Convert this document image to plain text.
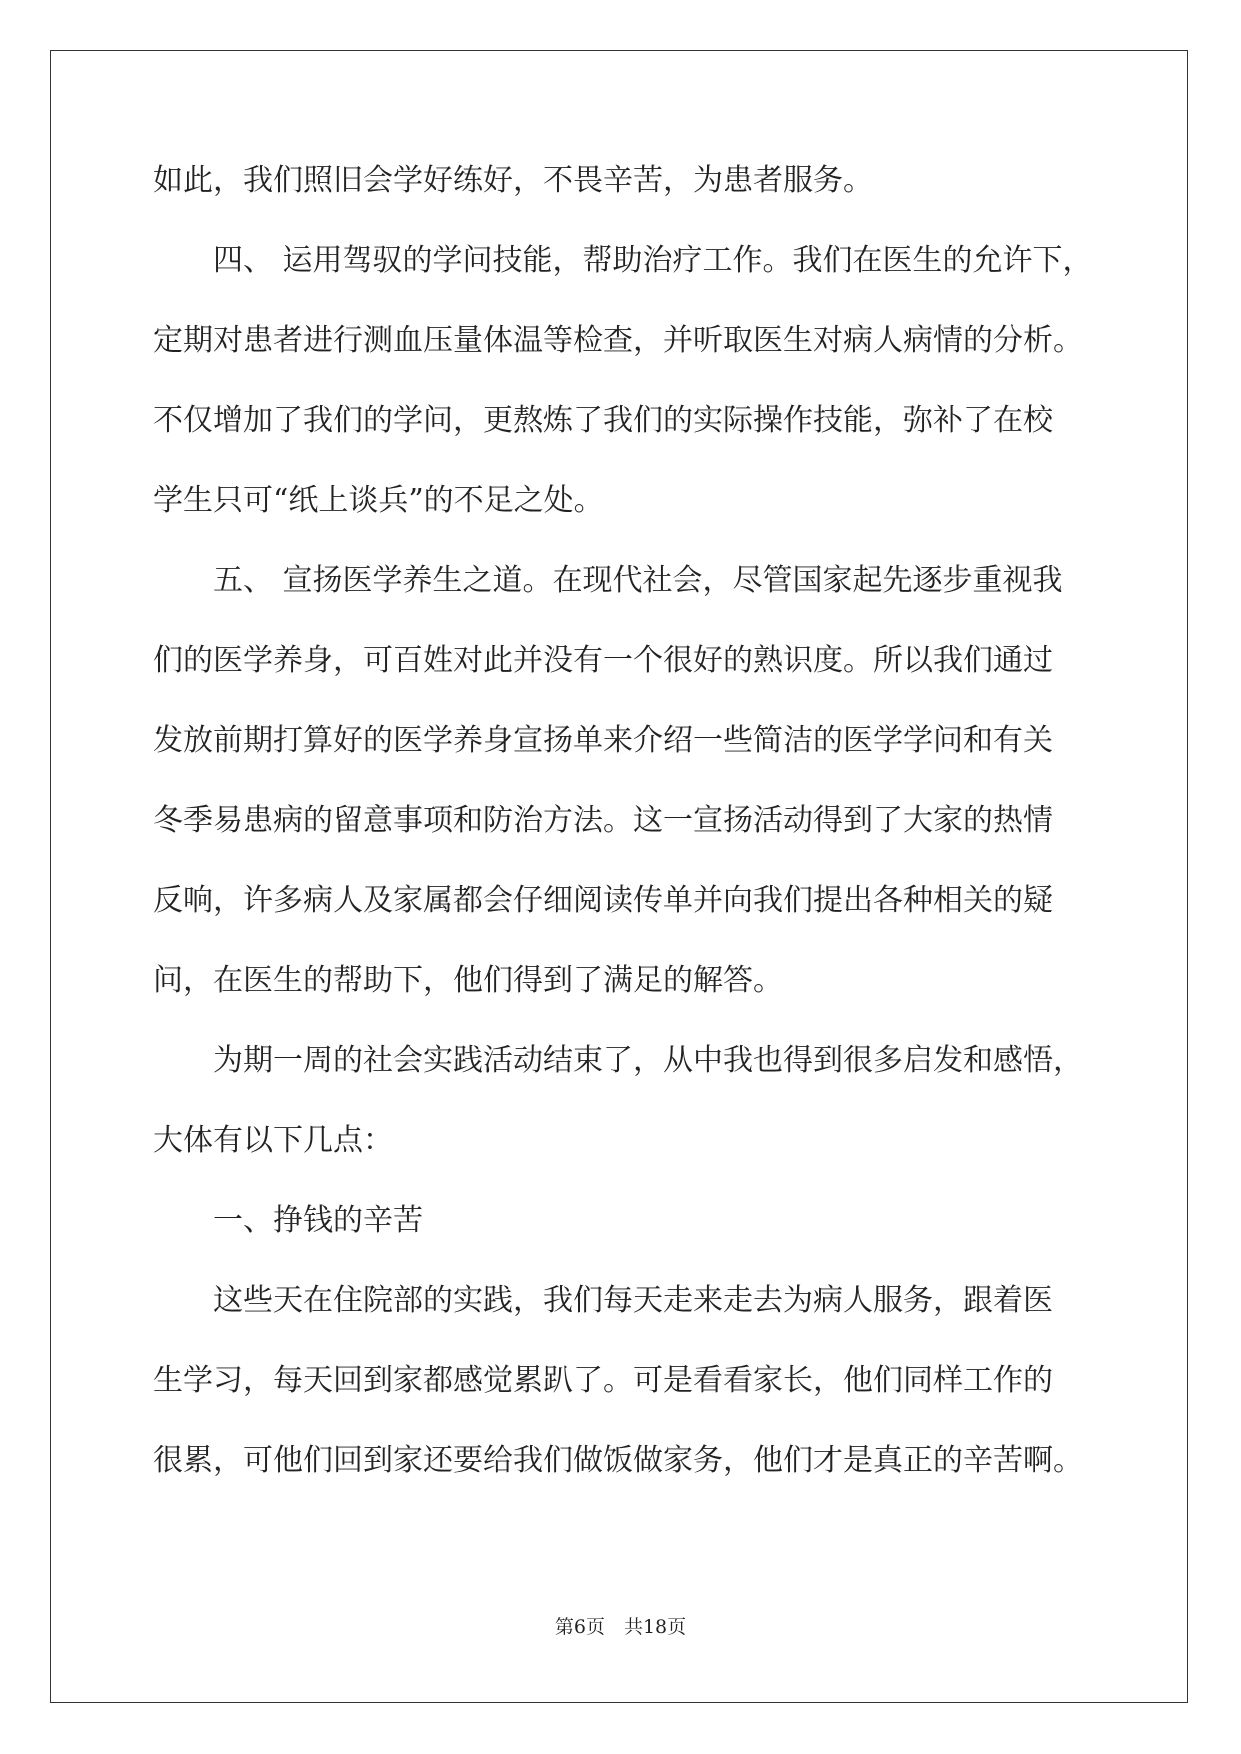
如此，我们照旧会学好练好，不畏辛苦，为患者服务。
　　四、 运用驾驭的学问技能，帮助治疗工作。我们在医生的允许下，
定期对患者进行测血压量体温等检查，并听取医生对病人病情的分析。
不仅增加了我们的学问，更熬炼了我们的实际操作技能，弥补了在校
学生只可“纸上谈兵”的不足之处。
　　五、 宣扬医学养生之道。在现代社会，尽管国家起先逐步重视我
们的医学养身，可百姓对此并没有一个很好的熟识度。所以我们通过
发放前期打算好的医学养身宣扬单来介绍一些简洁的医学学问和有关
冬季易患病的留意事项和防治方法。这一宣扬活动得到了大家的热情
反响，许多病人及家属都会仔细阅读传单并向我们提出各种相关的疑
问，在医生的帮助下，他们得到了满足的解答。
　　为期一周的社会实践活动结束了，从中我也得到很多启发和感悟，
大体有以下几点：
　　一、挣钱的辛苦
　　这些天在住院部的实践，我们每天走来走去为病人服务，跟着医
生学习，每天回到家都感觉累趴了。可是看看家长，他们同样工作的
很累，可他们回到家还要给我们做饭做家务，他们才是真正的辛苦啊。
第6页　共18页
